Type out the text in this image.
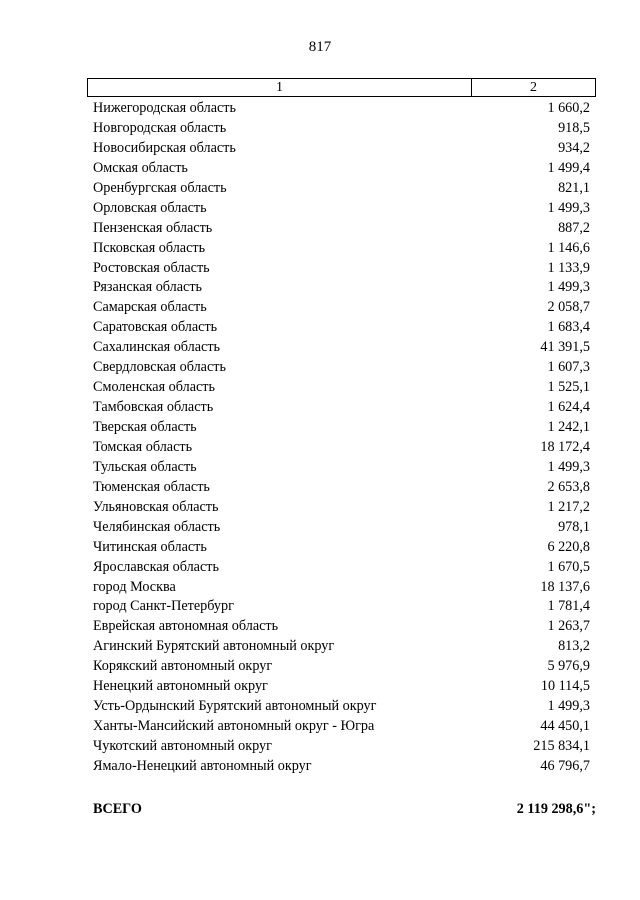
817
1	2
Нижегородская область	1 660,2
Новгородская область	918,5
Новосибирская область	934,2
Омская область	1 499,4
Оренбургская область	821,1
Орловская область	1 499,3
Пензенская область	887,2
Псковская область	1 146,6
Ростовская область	1 133,9
Рязанская область	1 499,3
Самарская область	2 058,7
Саратовская область	1 683,4
Сахалинская область	41 391,5
Свердловская область	1 607,3
Смоленская область	1 525,1
Тамбовская область	1 624,4
Тверская область	1 242,1
Томская область	18 172,4
Тульская область	1 499,3
Тюменская область	2 653,8
Ульяновская область	1 217,2
Челябинская область	978,1
Читинская область	6 220,8
Ярославская область	1 670,5
город Москва	18 137,6
город Санкт-Петербург	1 781,4
Еврейская автономная область	1 263,7
Агинский Бурятский автономный округ	813,2
Корякский автономный округ	5 976,9
Ненецкий автономный округ	10 114,5
Усть-Ордынский Бурятский автономный округ	1 499,3
Ханты-Мансийский автономный округ - Югра	44 450,1
Чукотский автономный округ	215 834,1
Ямало-Ненецкий автономный округ	46 796,7
ВСЕГО	2 119 298,6";
